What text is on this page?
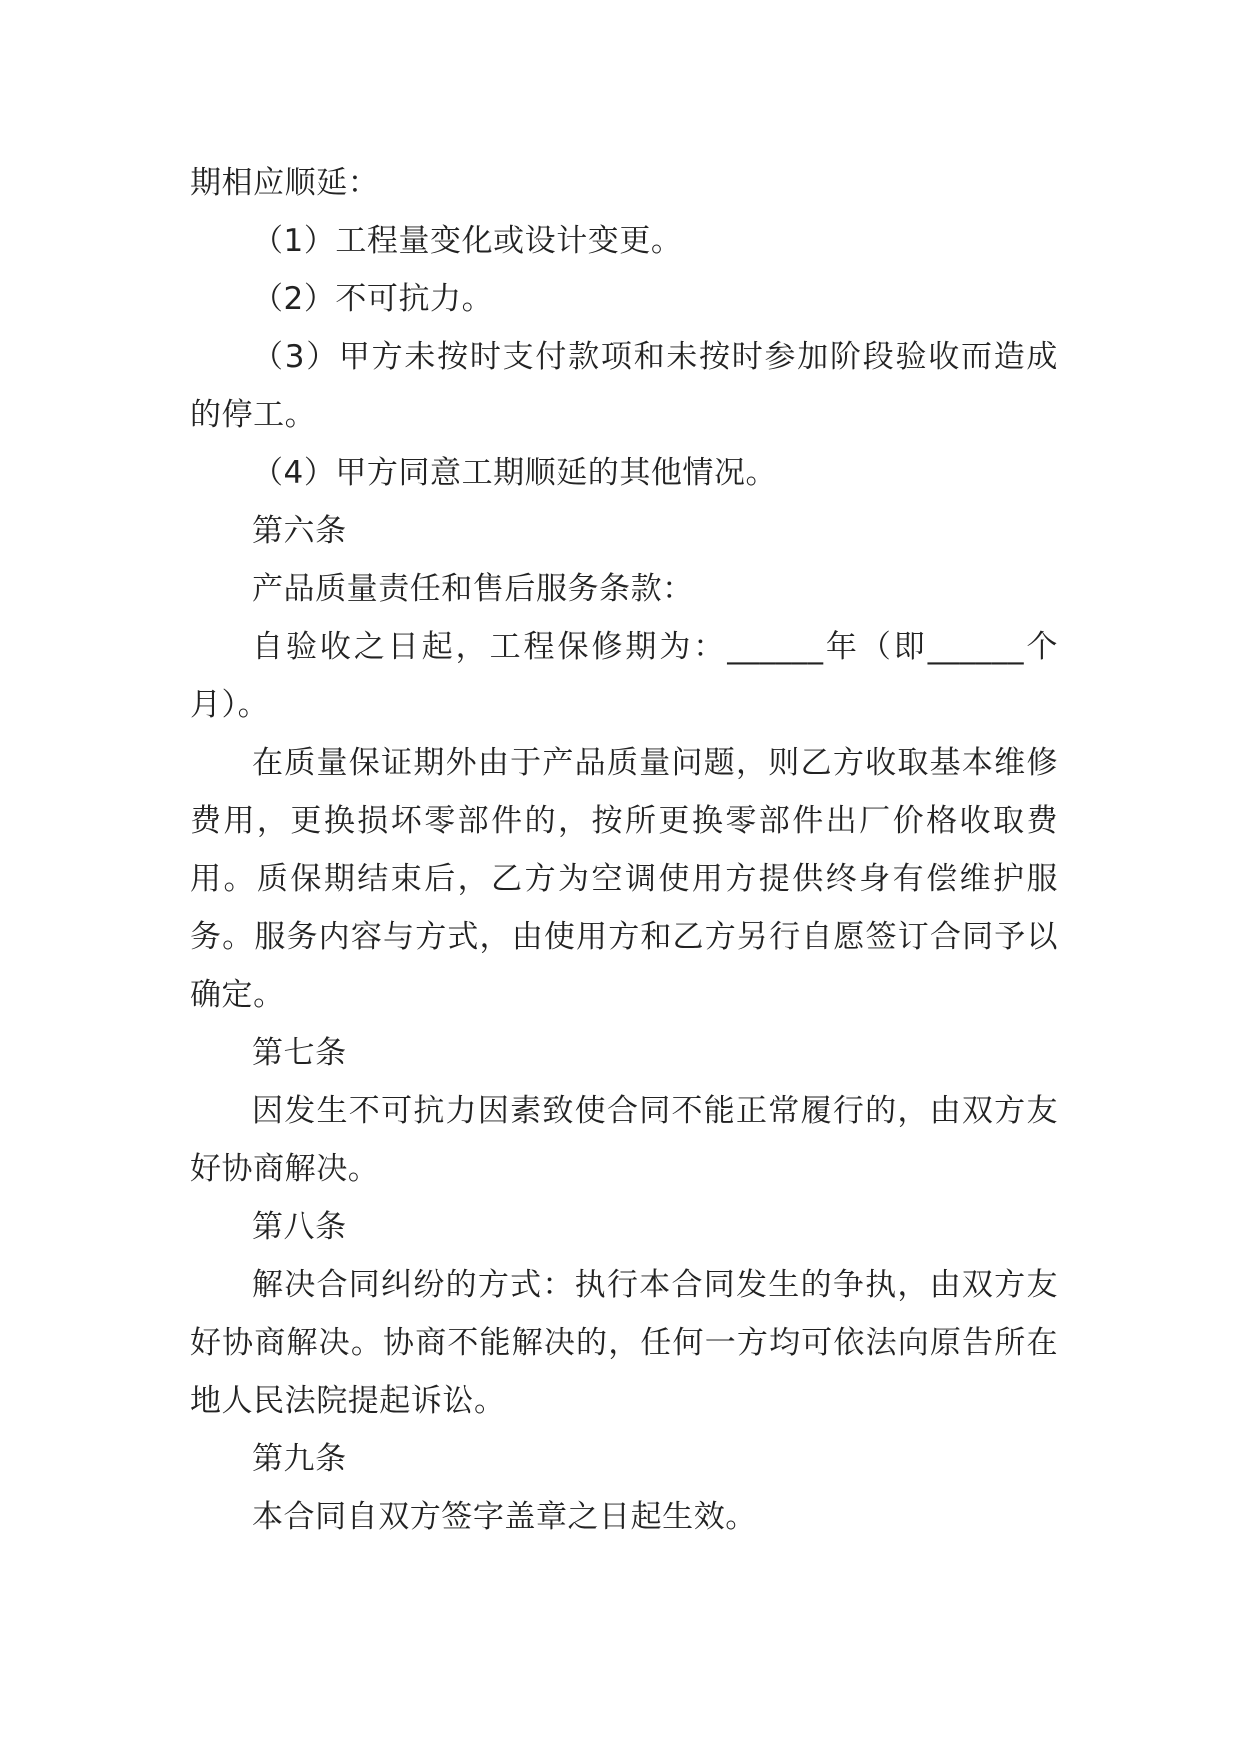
期相应顺延：

（1）工程量变化或设计变更。

（2）不可抗力。

（3）甲方未按时支付款项和未按时参加阶段验收而造成的停工。

（4）甲方同意工期顺延的其他情况。

第六条

产品质量责任和售后服务条款：

自验收之日起，工程保修期为：______年（即______个月）。

在质量保证期外由于产品质量问题，则乙方收取基本维修费用，更换损坏零部件的，按所更换零部件出厂价格收取费用。质保期结束后，乙方为空调使用方提供终身有偿维护服务。服务内容与方式，由使用方和乙方另行自愿签订合同予以确定。

第七条

因发生不可抗力因素致使合同不能正常履行的，由双方友好协商解决。

第八条

解决合同纠纷的方式：执行本合同发生的争执，由双方友好协商解决。协商不能解决的，任何一方均可依法向原告所在地人民法院提起诉讼。

第九条

本合同自双方签字盖章之日起生效。
